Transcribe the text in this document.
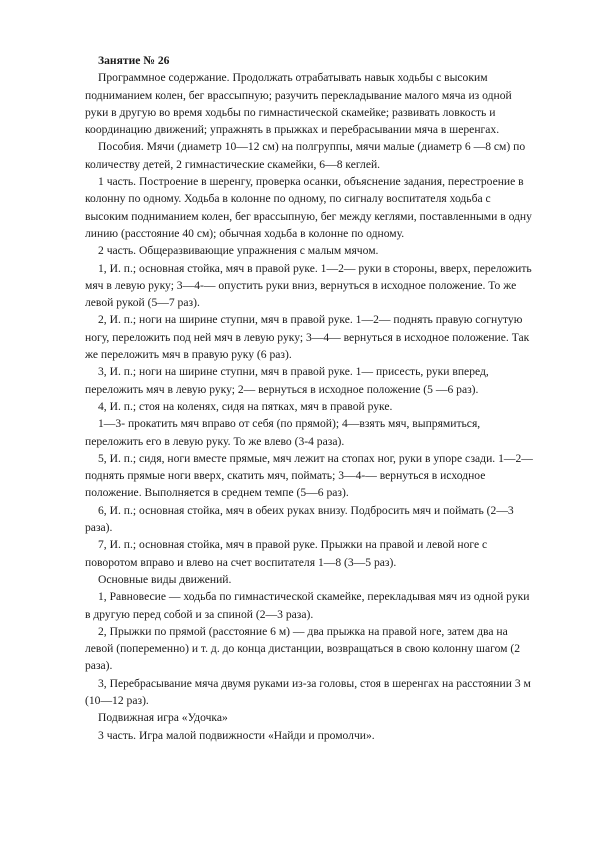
Занятие № 26

Программное содержание. Продолжать отрабатывать навык ходьбы с высоким подниманием колен, бег врассыпную; разучить перекладывание малого мяча из одной руки в другую во время ходьбы по гимнастической скамейке; развивать ловкость и координацию движений; упражнять в прыжках и перебрасывании мяча в шеренгах.

Пособия. Мячи (диаметр 10—12 см) на полгруппы, мячи малые (диаметр 6 —8 см) по количеству детей, 2 гимнастические скамейки, 6—8 кеглей.

1 часть. Построение в шеренгу, проверка осанки, объяснение задания, перестроение в колонну по одному. Ходьба в колонне по одному, по сигналу воспитателя ходьба с высоким подниманием колен, бег врассыпную, бег между кеглями, поставленными в одну линию (расстояние 40 см); обычная ходьба в колонне по одному.

2 часть. Общеразвивающие упражнения с малым мячом.

1, И. п.; основная стойка, мяч в правой руке. 1—2— руки в стороны, вверх, переложить мяч в левую руку; 3—4-— опустить руки вниз, вернуться в исходное положение. То же левой рукой (5—7 раз).

2, И. п.; ноги на ширине ступни, мяч в правой руке. 1—2— поднять правую согнутую ногу, переложить под ней мяч в левую руку; 3—4— вернуться в исходное положение. Так же переложить мяч в правую руку (6 раз).

3, И. п.; ноги на ширине ступни, мяч в правой руке. 1— присесть, руки вперед, переложить мяч в левую руку; 2— вернуться в исходное положение (5 —6 раз).

4, И. п.; стоя на коленях, сидя на пятках, мяч в правой руке.

1—3- прокатить мяч вправо от себя (по прямой); 4—взять мяч, выпрямиться, переложить его в левую руку. То же влево (3-4 раза).

5, И. п.; сидя, ноги вместе прямые, мяч лежит на стопах ног, руки в упоре сзади. 1—2— поднять прямые ноги вверх, скатить мяч, поймать; 3—4-— вернуться в исходное положение. Выполняется в среднем темпе (5—6 раз).

6, И. п.; основная стойка, мяч в обеих руках внизу. Подбросить мяч и поймать (2—3 раза).

7, И. п.; основная стойка, мяч в правой руке. Прыжки на правой и левой ноге с поворотом вправо и влево на счет воспитателя 1—8 (3—5 раз).

Основные виды движений.

1, Равновесие — ходьба по гимнастической скамейке, перекладывая мяч из одной руки в другую перед собой и за спиной (2—3 раза).

2, Прыжки по прямой (расстояние 6 м) — два прыжка на правой ноге, затем два на левой (попеременно) и т. д. до конца дистанции, возвращаться в свою колонну шагом (2 раза).

3, Перебрасывание мяча двумя руками из-за головы, стоя в шеренгах на расстоянии 3 м (10—12 раз).

Подвижная игра «Удочка»

3 часть. Игра малой подвижности «Найди и промолчи».
